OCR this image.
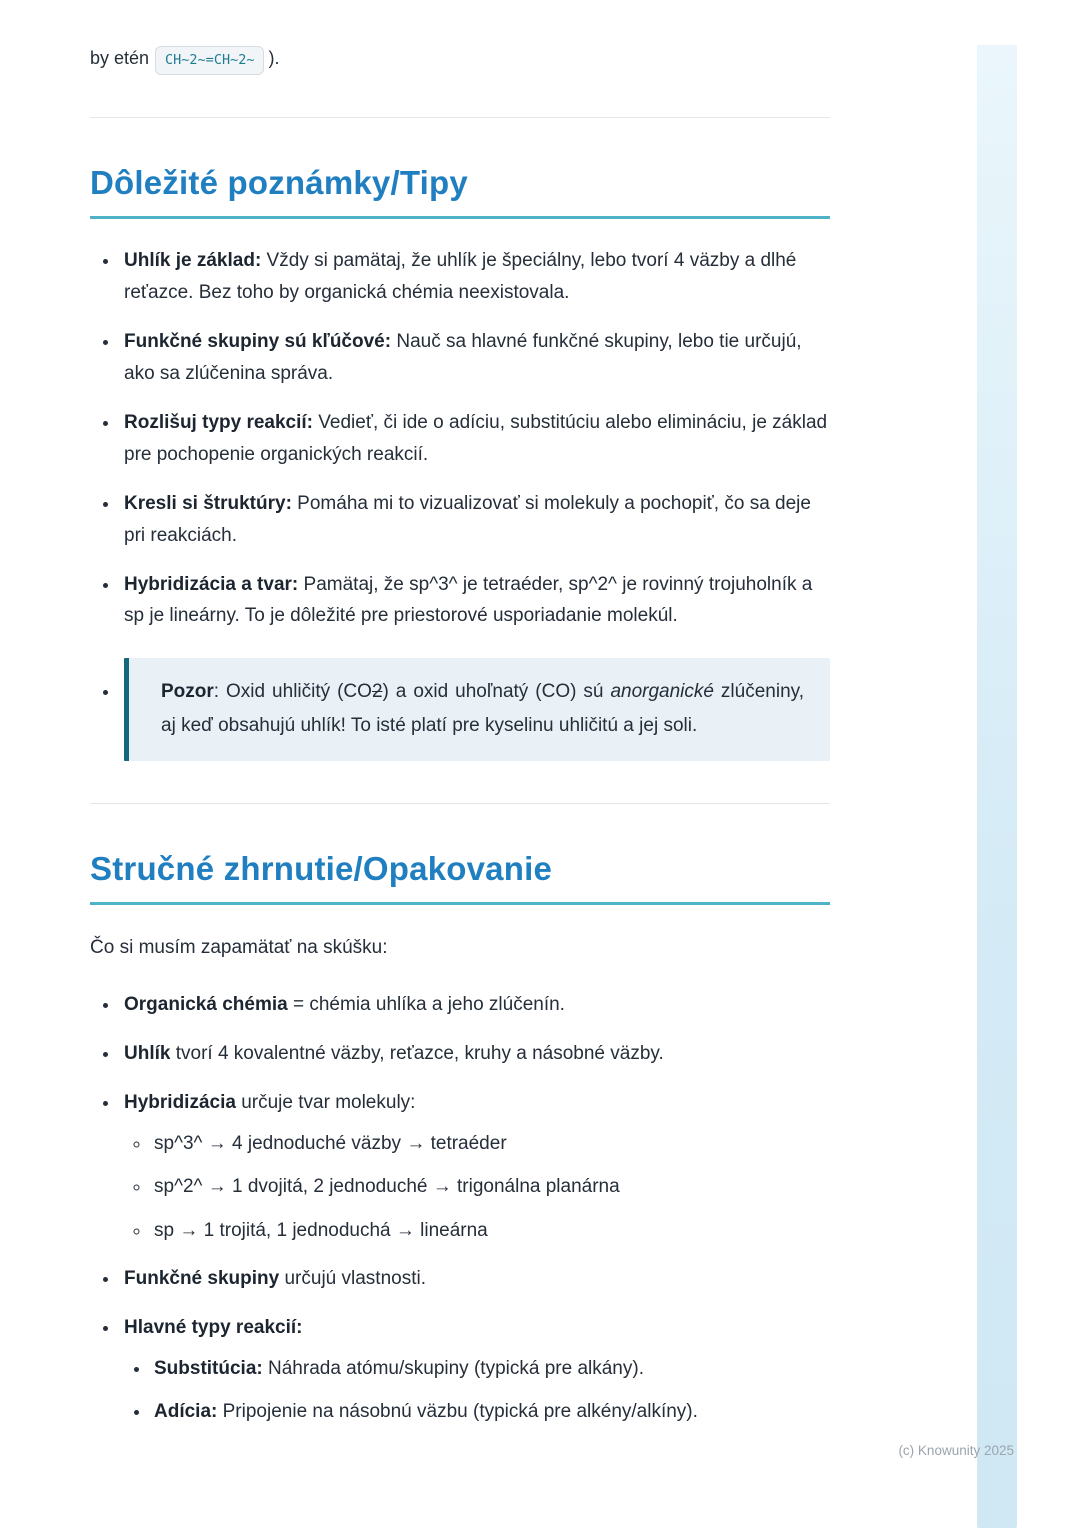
by etén CH~2~=CH~2~ ).

Dôležité poznámky/Tipy
• Uhlík je základ: Vždy si pamätaj, že uhlík je špeciálny, lebo tvorí 4 väzby a dlhé reťazce. Bez toho by organická chémia neexistovala.
• Funkčné skupiny sú kľúčové: Nauč sa hlavné funkčné skupiny, lebo tie určujú, ako sa zlúčenina správa.
• Rozlišuj typy reakcií: Vedieť, či ide o adíciu, substitúciu alebo elimináciu, je základ pre pochopenie organických reakcií.
• Kresli si štruktúry: Pomáha mi to vizualizovať si molekuly a pochopiť, čo sa deje pri reakciách.
• Hybridizácia a tvar: Pamätaj, že sp^3^ je tetraéder, sp^2^ je rovinný trojuholník a sp je lineárny. To je dôležité pre priestorové usporiadanie molekúl.
• Pozor: Oxid uhličitý (CO2) a oxid uhoľnatý (CO) sú anorganické zlúčeniny, aj keď obsahujú uhlík! To isté platí pre kyselinu uhličitú a jej soli.
Stručné zhrnutie/Opakovanie

Čo si musím zapamätať na skúšku:

• Organická chémia = chémia uhlíka a jeho zlúčenín.
• Uhlík tvorí 4 kovalentné väzby, reťazce, kruhy a násobné väzby.
• Hybridizácia určuje tvar molekuly:
◦ sp^3^ → 4 jednoduché väzby → tetraéder
◦ sp^2^ → 1 dvojitá, 2 jednoduché → trigonálna planárna
◦ sp → 1 trojitá, 1 jednoduchá → lineárna
• Funkčné skupiny určujú vlastnosti.
• Hlavné typy reakcií:
• Substitúcia: Náhrada atómu/skupiny (typická pre alkány).
• Adícia: Pripojenie na násobnú väzbu (typická pre alkény/alkíny).
(c) Knowunity 2025
